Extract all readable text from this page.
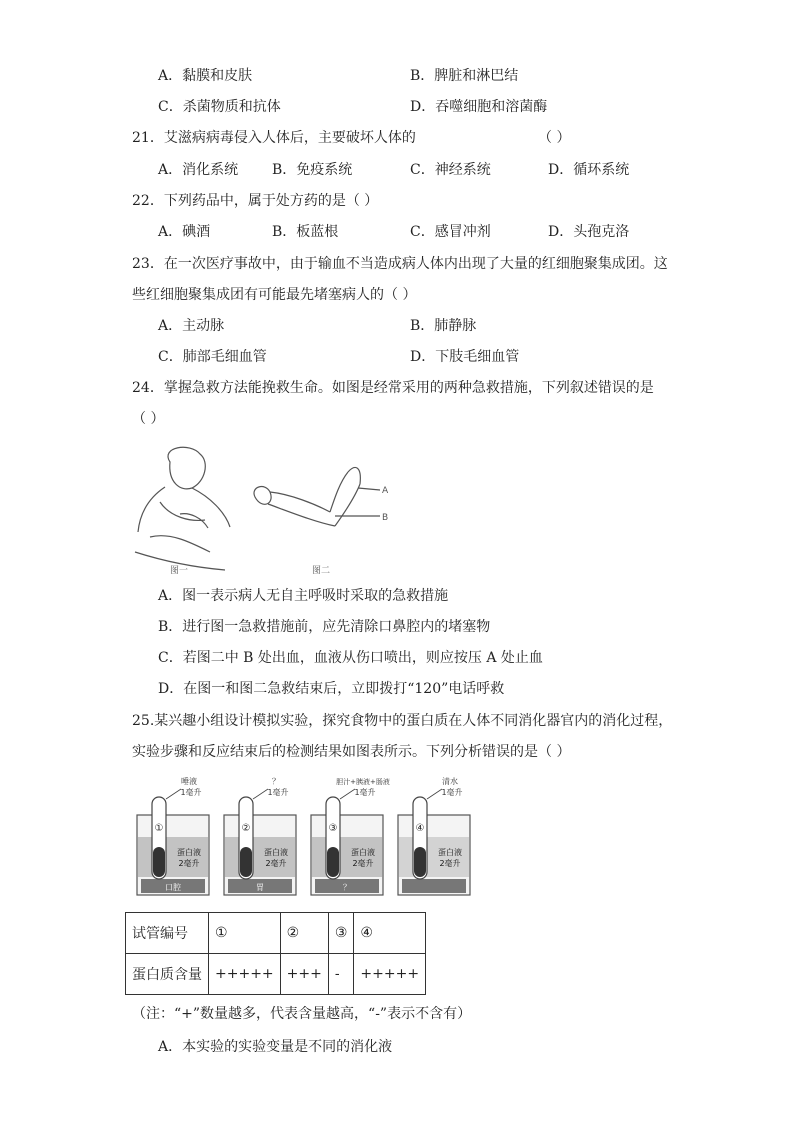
A．黏膜和皮肤	B．脾脏和淋巴结
C．杀菌物质和抗体	D．吞噬细胞和溶菌酶
21．艾滋病病毒侵入人体后，主要破坏人体的	（ ）
A．消化系统 B．免疫系统	C．神经系统	D．循环系统
22．下列药品中，属于处方药的是（ ）
A．碘酒	B．板蓝根	C．感冒冲剂	D．头孢克洛
23．在一次医疗事故中，由于输血不当造成病人体内出现了大量的红细胞聚集成团。这
些红细胞聚集成团有可能最先堵塞病人的（ ）
A．主动脉	B．肺静脉
C．肺部毛细血管	D．下肢毛细血管
24．掌握急救方法能挽救生命。如图是经常采用的两种急救措施，下列叙述错误的是
（ ）
图一
A
B
图二
A．图一表示病人无自主呼吸时采取的急救措施
B．进行图一急救措施前，应先清除口鼻腔内的堵塞物
C．若图二中 B 处出血，血液从伤口喷出，则应按压 A 处止血
D．在图一和图二急救结束后，立即拨打“120”电话呼救
25.某兴趣小组设计模拟实验，探究食物中的蛋白质在人体不同消化器官内的消化过程，
实验步骤和反应结束后的检测结果如图表所示。下列分析错误的是（ ）
口腔
①
唾液
1毫升
蛋白液
2毫升
胃
②
？
1毫升
蛋白液
2毫升
？
③
胆汁+胰液+肠液
1毫升
蛋白液
2毫升
④
清水
1毫升
蛋白液
2毫升
试管编号	①	②	③	④
蛋白质含量	+++++	+++	-	+++++
（注：“+”数量越多，代表含量越高，“-”表示不含有）
A．本实验的实验变量是不同的消化液
